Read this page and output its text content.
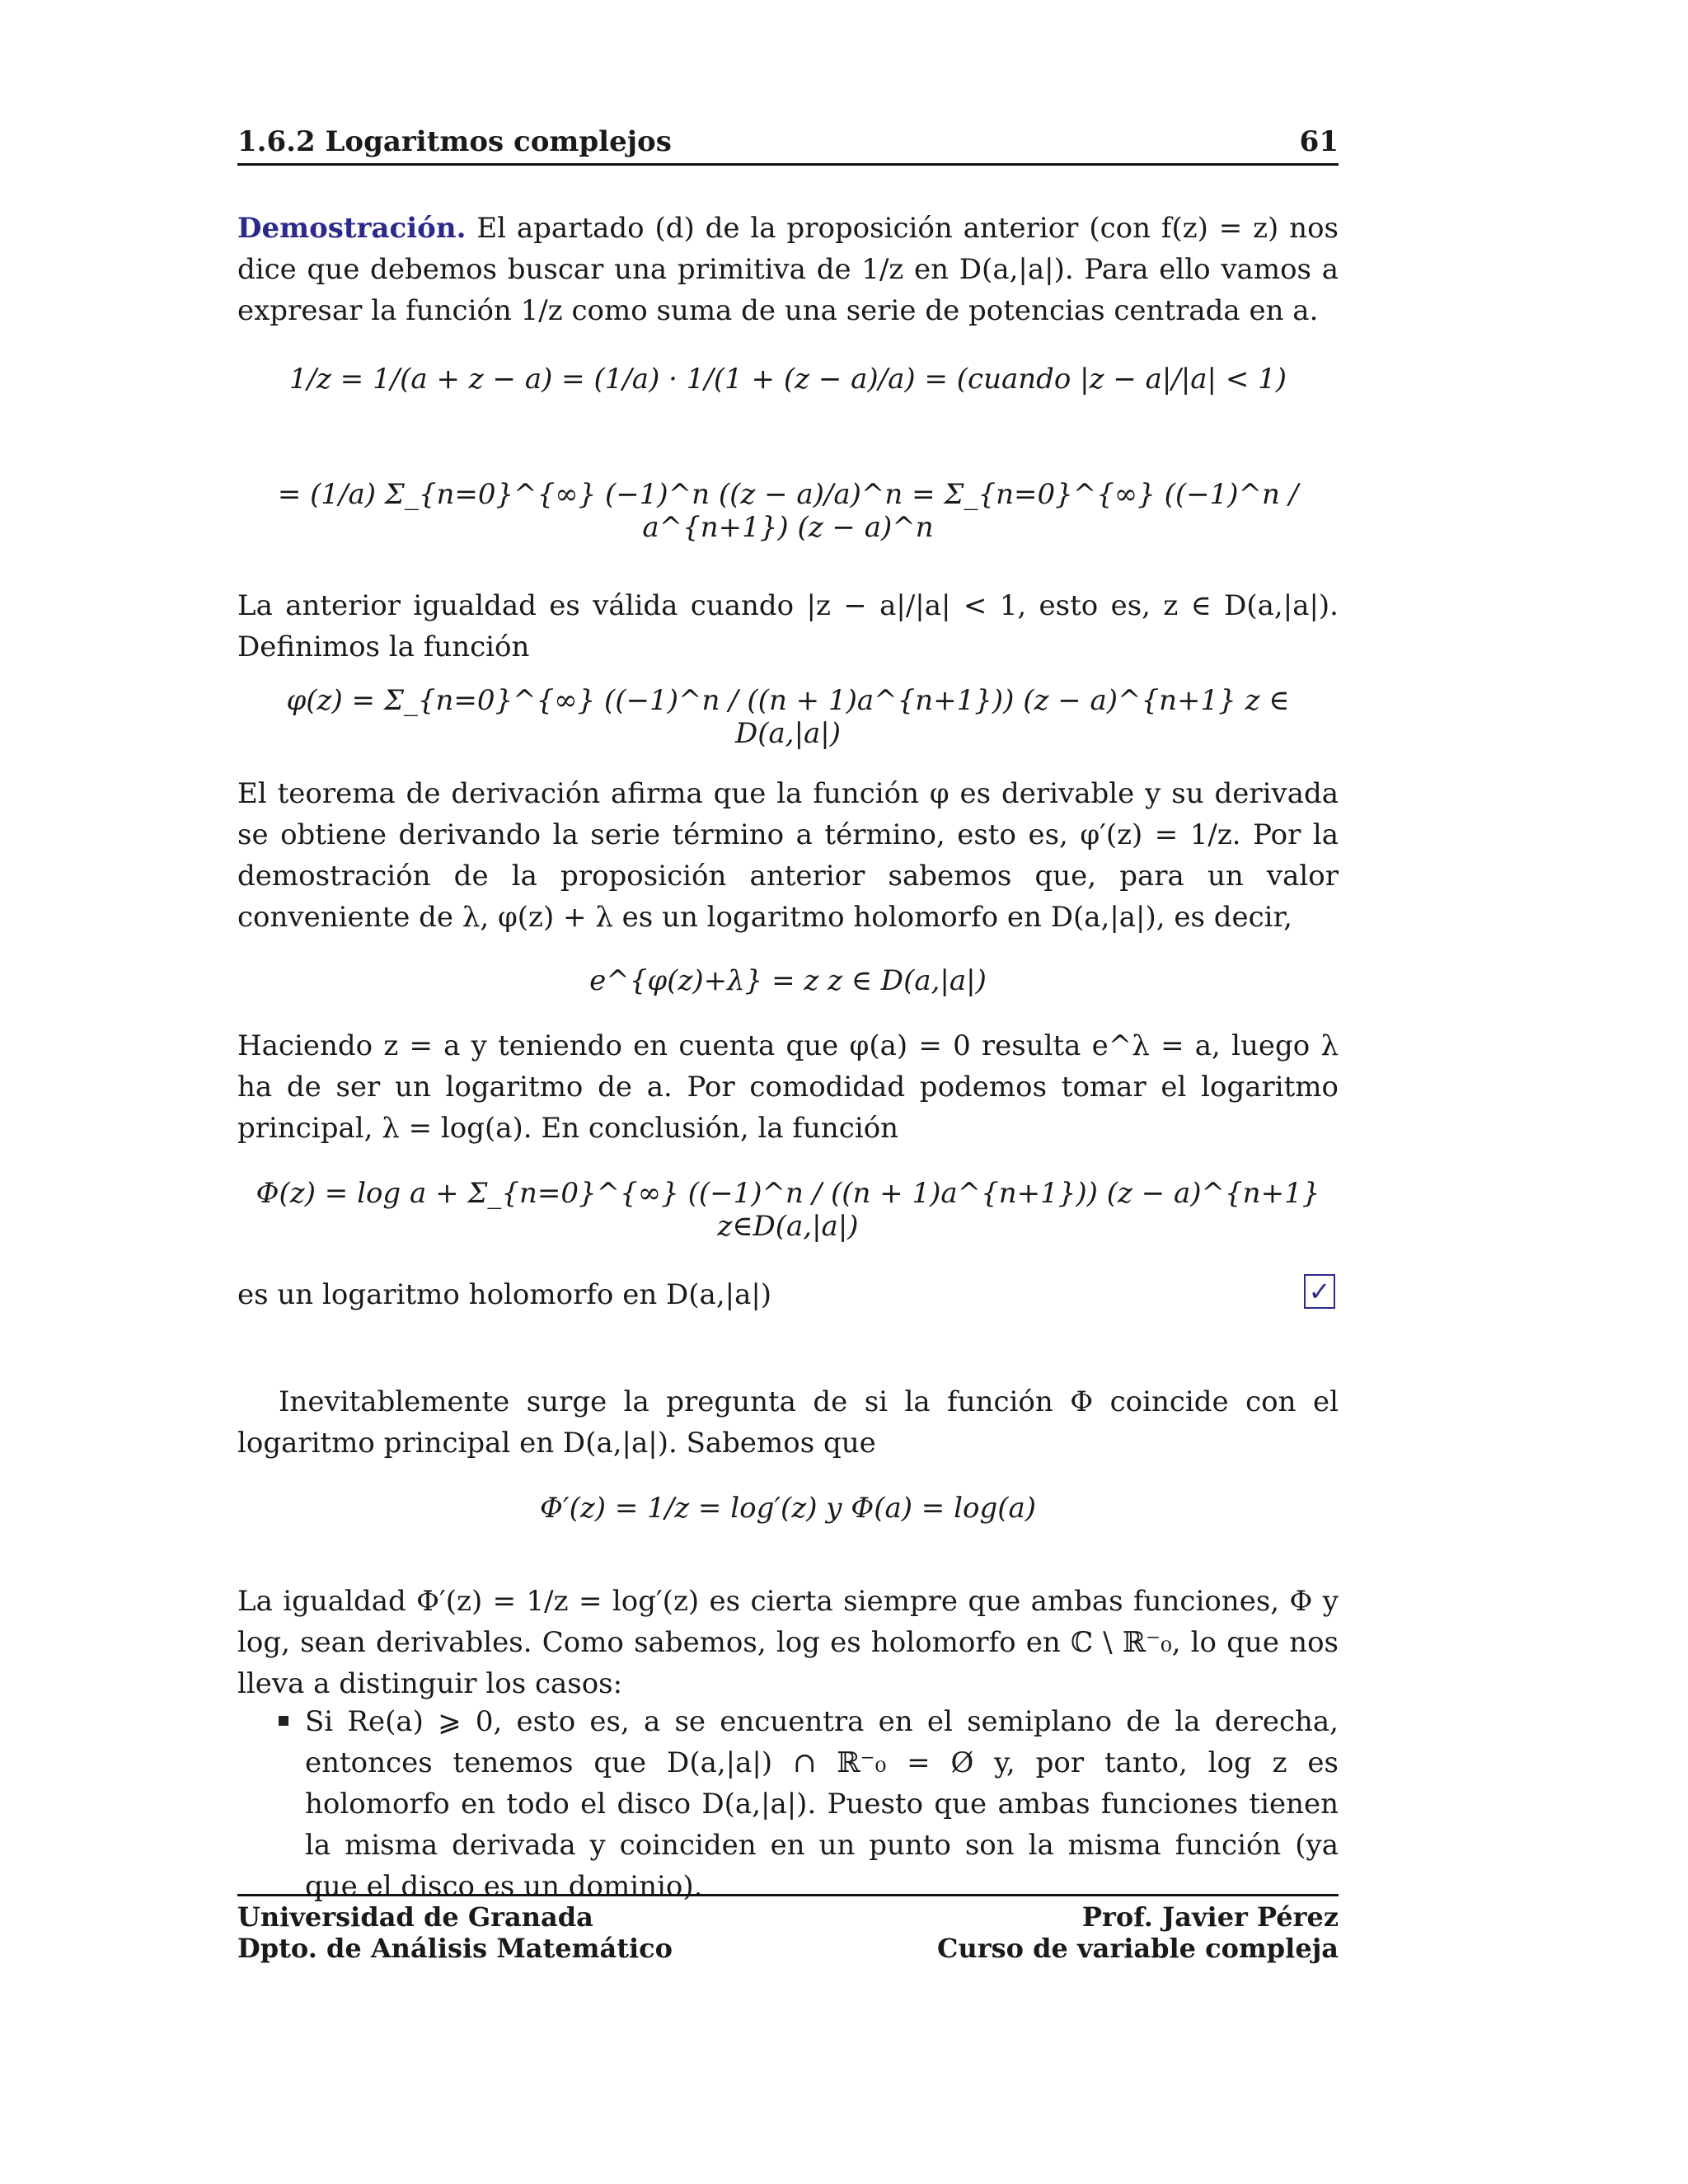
1.6.2 Logaritmos complejos	61
Demostración. El apartado (d) de la proposición anterior (con f(z) = z) nos dice que debemos buscar una primitiva de 1/z en D(a,|a|). Para ello vamos a expresar la función 1/z como suma de una serie de potencias centrada en a.
1/z = 1/(a + z − a) = (1/a) · 1/(1 + (z − a)/a) = (cuando |z − a|/|a| < 1)
= (1/a) Σ_{n=0}^{∞} (−1)^n ((z − a)/a)^n = Σ_{n=0}^{∞} ((−1)^n / a^{n+1}) (z − a)^n
La anterior igualdad es válida cuando |z − a|/|a| < 1, esto es, z ∈ D(a,|a|). Definimos la función
φ(z) = Σ_{n=0}^{∞} ((−1)^n / ((n + 1)a^{n+1})) (z − a)^{n+1} z ∈ D(a,|a|)
El teorema de derivación afirma que la función φ es derivable y su derivada se obtiene derivando la serie término a término, esto es, φ′(z) = 1/z. Por la demostración de la proposición anterior sabemos que, para un valor conveniente de λ, φ(z) + λ es un logaritmo holomorfo en D(a,|a|), es decir,
e^{φ(z)+λ} = z z ∈ D(a,|a|)
Haciendo z = a y teniendo en cuenta que φ(a) = 0 resulta e^λ = a, luego λ ha de ser un logaritmo de a. Por comodidad podemos tomar el logaritmo principal, λ = log(a). En conclusión, la función
Φ(z) = log a + Σ_{n=0}^{∞} ((−1)^n / ((n + 1)a^{n+1})) (z − a)^{n+1} z∈D(a,|a|)
es un logaritmo holomorfo en D(a,|a|)	✓
Inevitablemente surge la pregunta de si la función Φ coincide con el logaritmo principal en D(a,|a|). Sabemos que
Φ′(z) = 1/z = log′(z) y Φ(a) = log(a)
La igualdad Φ′(z) = 1/z = log′(z) es cierta siempre que ambas funciones, Φ y log, sean derivables. Como sabemos, log es holomorfo en ℂ \ ℝ⁻₀, lo que nos lleva a distinguir los casos:
Si Re(a) ⩾ 0, esto es, a se encuentra en el semiplano de la derecha, entonces tenemos que D(a,|a|) ∩ ℝ⁻₀ = Ø y, por tanto, log z es holomorfo en todo el disco D(a,|a|). Puesto que ambas funciones tienen la misma derivada y coinciden en un punto son la misma función (ya que el disco es un dominio).
Universidad de Granada
Dpto. de Análisis Matemático
Prof. Javier Pérez
Curso de variable compleja
